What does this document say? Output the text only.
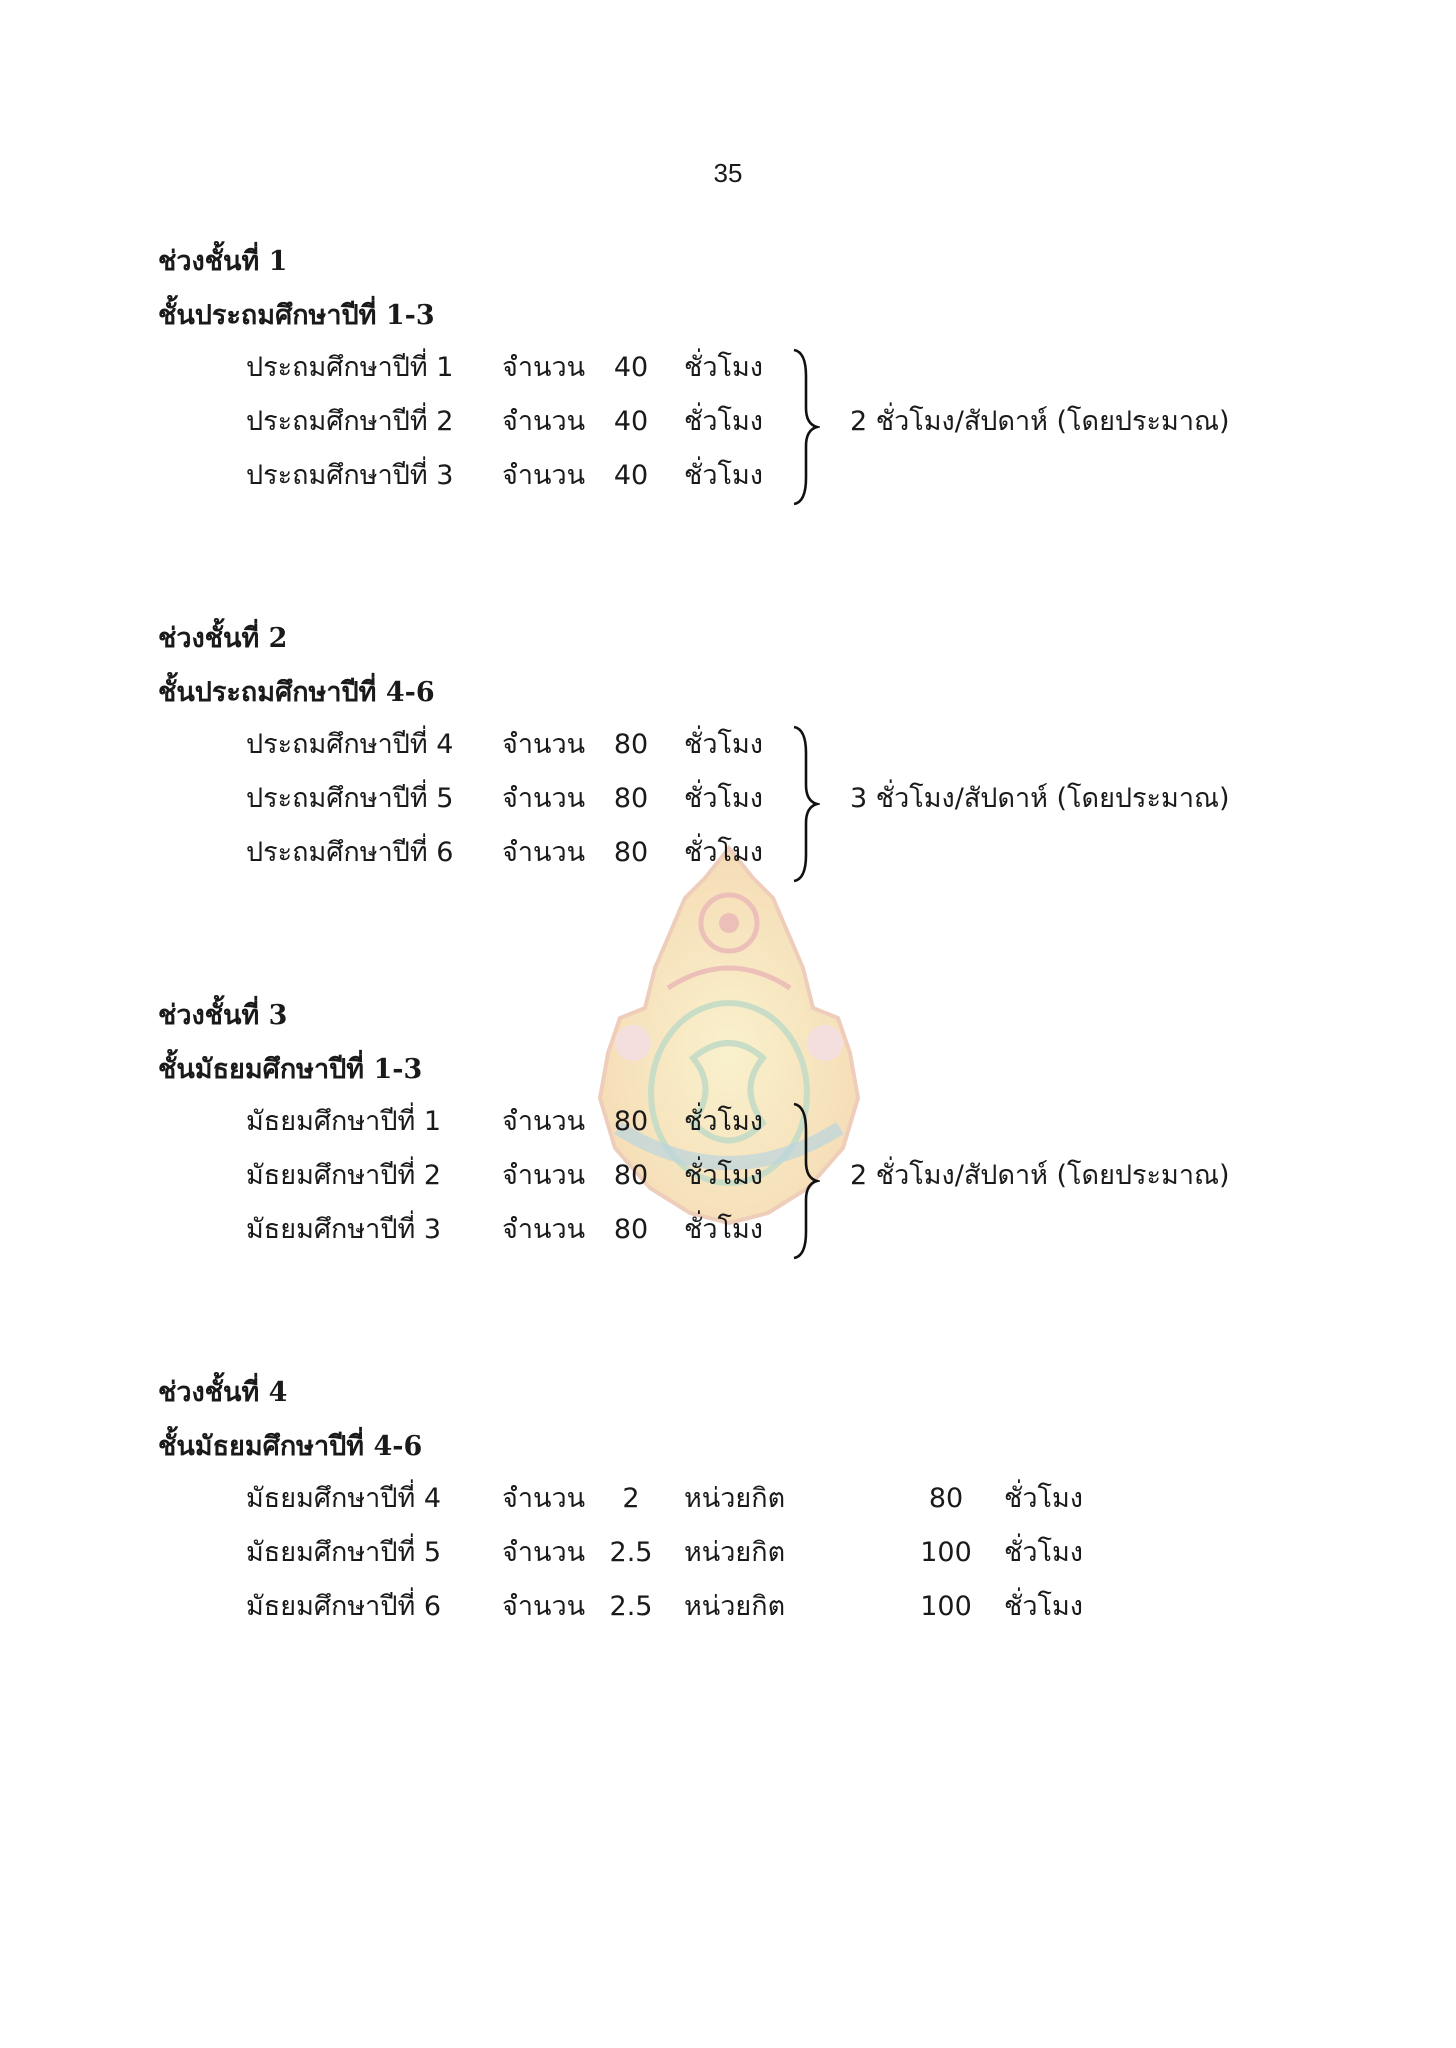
35
ช่วงชั้นที่ 1
ชั้นประถมศึกษาปีที่ 1-3
ประถมศึกษาปีที่ 1 จำนวน	40	ชั่วโมง
ประถมศึกษาปีที่ 2 จำนวน	40	ชั่วโมง
ประถมศึกษาปีที่ 3 จำนวน	40	ชั่วโมง
2 ชั่วโมง/สัปดาห์ (โดยประมาณ)
ช่วงชั้นที่ 2
ชั้นประถมศึกษาปีที่ 4-6
ประถมศึกษาปีที่ 4 จำนวน	80	ชั่วโมง
ประถมศึกษาปีที่ 5 จำนวน	80	ชั่วโมง
ประถมศึกษาปีที่ 6 จำนวน	80	ชั่วโมง
3 ชั่วโมง/สัปดาห์ (โดยประมาณ)
ช่วงชั้นที่ 3
ชั้นมัธยมศึกษาปีที่ 1-3
มัธยมศึกษาปีที่ 1 จำนวน	80	ชั่วโมง
มัธยมศึกษาปีที่ 2 จำนวน	80	ชั่วโมง
มัธยมศึกษาปีที่ 3 จำนวน	80	ชั่วโมง
2 ชั่วโมง/สัปดาห์ (โดยประมาณ)
ช่วงชั้นที่ 4
ชั้นมัธยมศึกษาปีที่ 4-6
มัธยมศึกษาปีที่ 4 จำนวน	2	หน่วยกิต	80	ชั่วโมง
มัธยมศึกษาปีที่ 5 จำนวน 2.5	หน่วยกิต	100	ชั่วโมง
มัธยมศึกษาปีที่ 6 จำนวน 2.5	หน่วยกิต	100	ชั่วโมง
